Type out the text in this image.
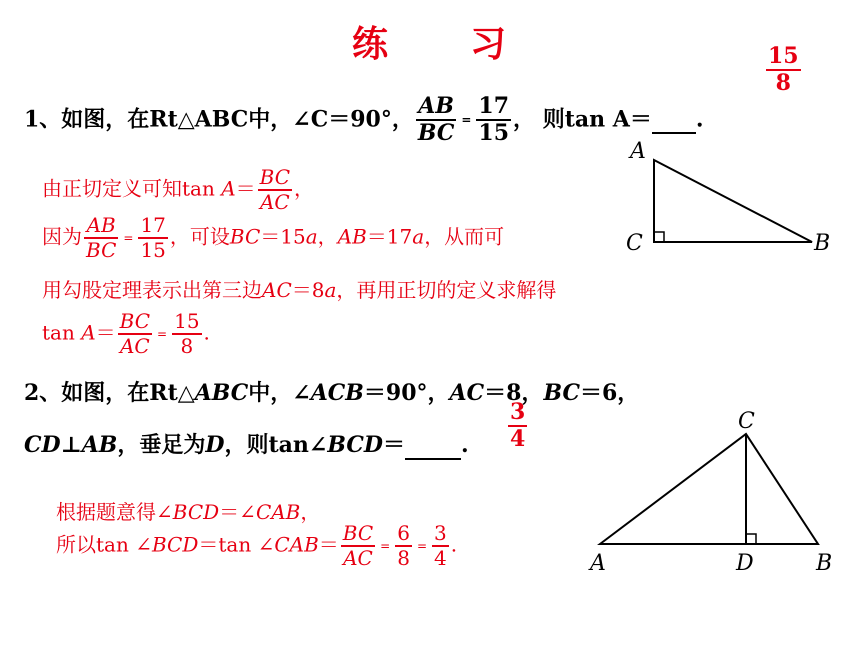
练 习	$\frac{15}{8}$
1、如图，在Rt△ABC中，∠C＝90°， $\frac{AB}{BC} = \frac{17}{15}$ ， 则tan A＝ .
A
C	B
由正切定义可知$\tan A= \frac{BC}{AC}$ ，
因为 $\frac{AB}{BC} = \frac{17}{15}$ ，可设BC＝15a，AB＝17a，从而可
用勾股定理表示出第三边AC＝8a，再用正切的定义求解得
$\tan A= \frac{BC}{AC} = \frac{15}{8}$ .
2、如图，在Rt△ABC中，∠ACB＝90°，AC＝8，BC＝6，
$\frac{3}{4}$
CD⊥AB，垂足为D，则tan∠BCD＝	.
根据题意得∠BCD＝∠CAB，
所以tan ∠BCD＝tan ∠CAB＝ $\frac{BC}{AC} = \frac{6}{8} = \frac{3}{4}$ .
C
A	D	B
